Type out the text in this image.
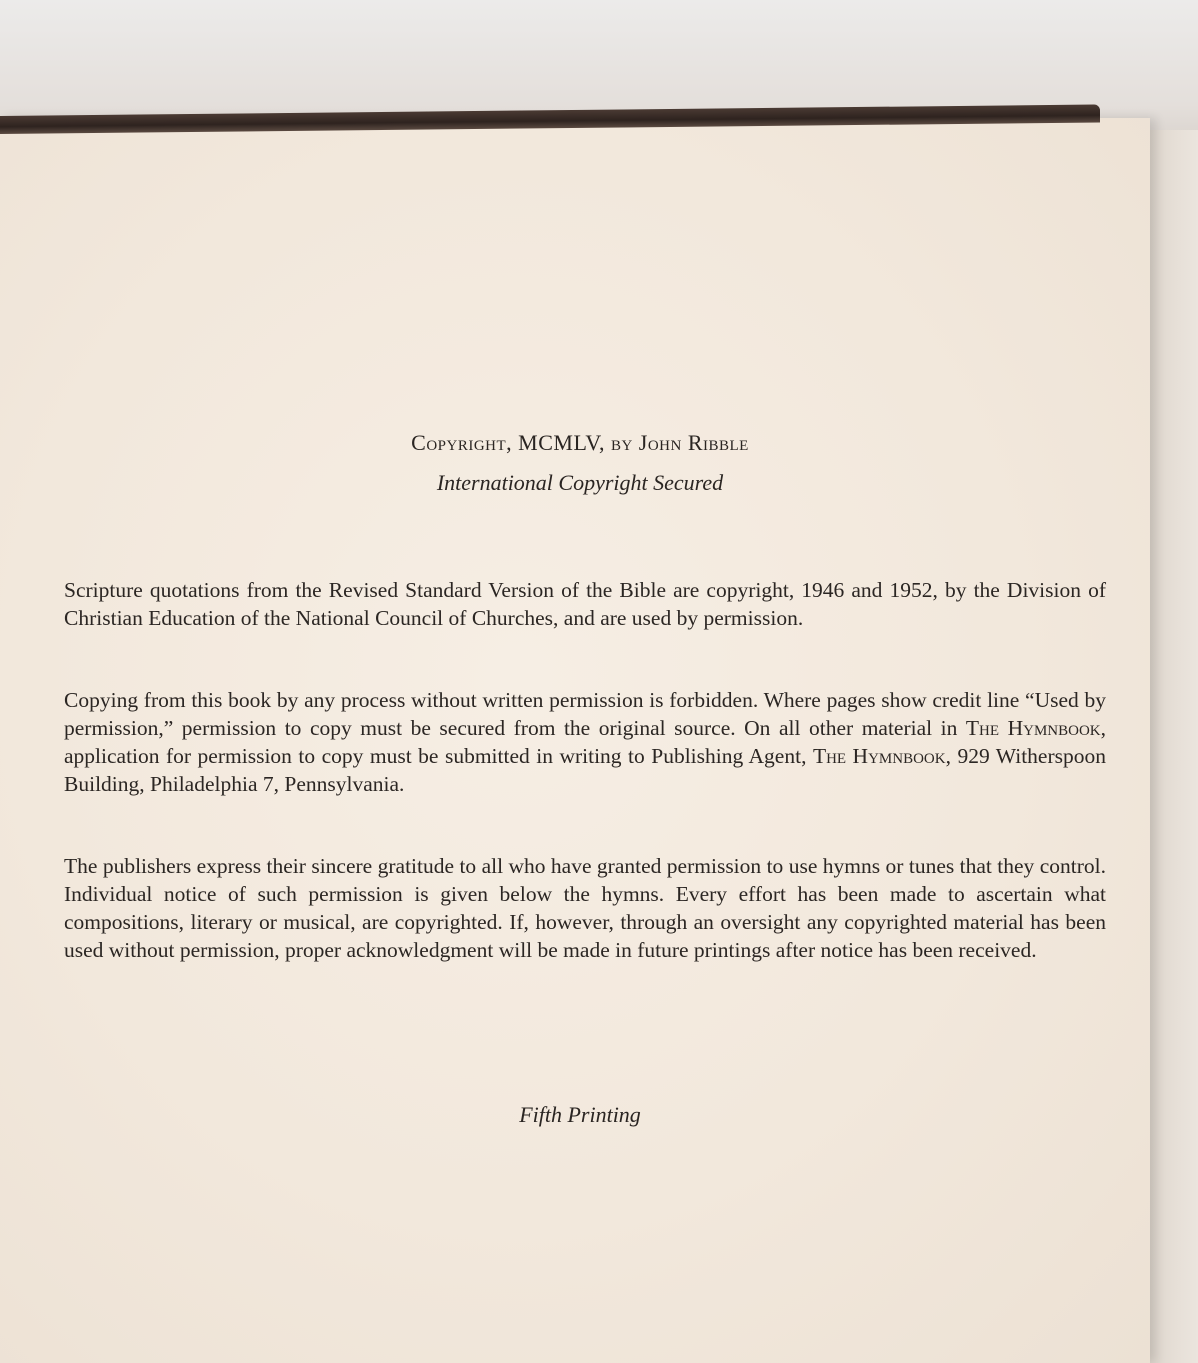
Copyright, MCMLV, by John Ribble
International Copyright Secured

Scripture quotations from the Revised Standard Version of the Bible are copyright, 1946 and 1952, by the Division of Christian Education of the National Council of Churches, and are used by permission.

Copying from this book by any process without written permission is forbidden. Where pages show credit line “Used by permission,” permission to copy must be secured from the original source. On all other material in The Hymnbook, application for permission to copy must be submitted in writing to Publishing Agent, The Hymnbook, 929 Witherspoon Building, Philadelphia 7, Pennsylvania.

The publishers express their sincere gratitude to all who have granted permission to use hymns or tunes that they control. Individual notice of such permission is given below the hymns. Every effort has been made to ascertain what compositions, literary or musical, are copyrighted. If, however, through an oversight any copyrighted material has been used without permission, proper acknowledgment will be made in future printings after notice has been received.

Fifth Printing
